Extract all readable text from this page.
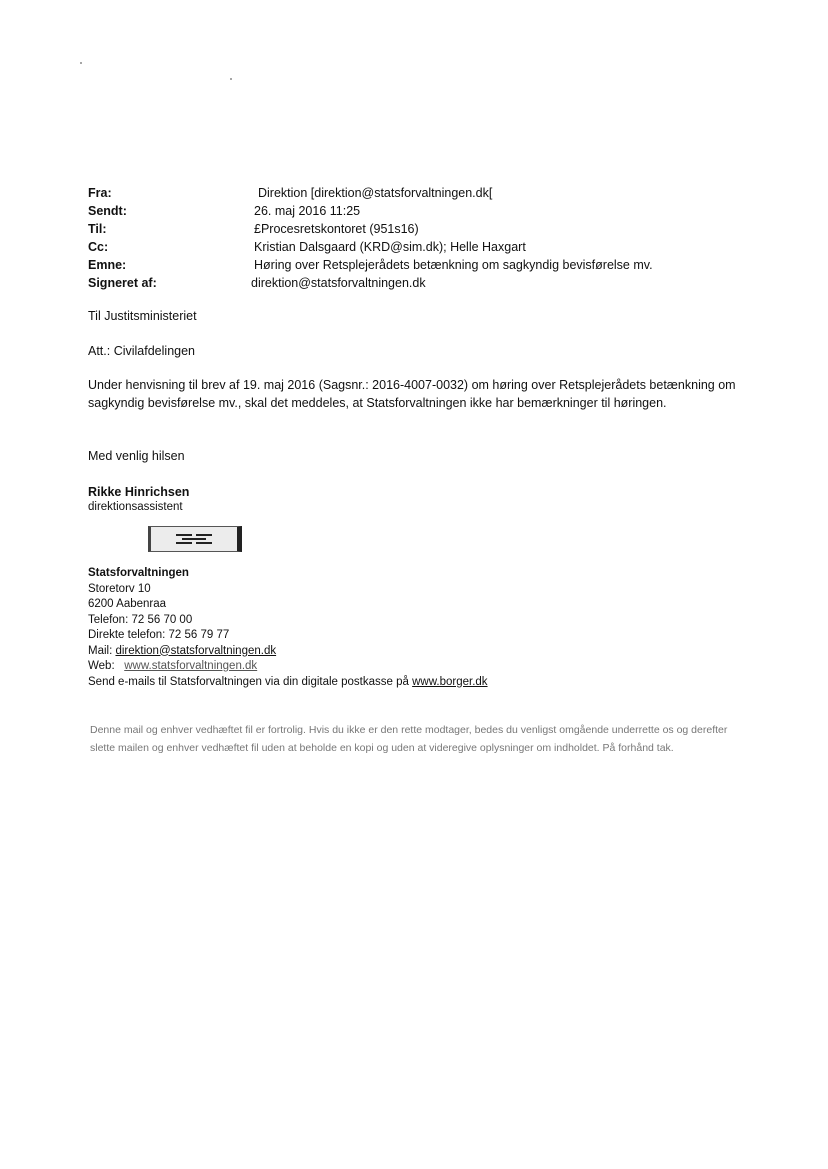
Fra:	Direktion [direktion@statsforvaltningen.dk[
Sendt:	26. maj 2016 11:25
Til:	£Procesretskontoret (951s16)
Cc:	Kristian Dalsgaard (KRD@sim.dk); Helle Haxgart
Emne:	Høring over Retsplejerådets betænkning om sagkyndig bevisførelse mv.
Signeret af:	direktion@statsforvaltningen.dk
Til Justitsministeriet
Att.: Civilafdelingen
Under henvisning til brev af 19. maj 2016 (Sagsnr.: 2016-4007-0032) om høring over Retsplejerådets betænkning om sagkyndig bevisførelse mv., skal det meddeles, at Statsforvaltningen ikke har bemærkninger til høringen.
Med venlig hilsen
Rikke Hinrichsen
direktionsassistent
Statsforvaltningen
Storetorv 10
6200 Aabenraa
Telefon: 72 56 70 00
Direkte telefon: 72 56 79 77
Mail: direktion@statsforvaltningen.dk
Web: www.statsforvaltningen.dk
Send e-mails til Statsforvaltningen via din digitale postkasse på www.borger.dk
Denne mail og enhver vedhæftet fil er fortrolig. Hvis du ikke er den rette modtager, bedes du venligst omgående underrette os og derefter slette mailen og enhver vedhæftet fil uden at beholde en kopi og uden at videregive oplysninger om indholdet. På forhånd tak.
